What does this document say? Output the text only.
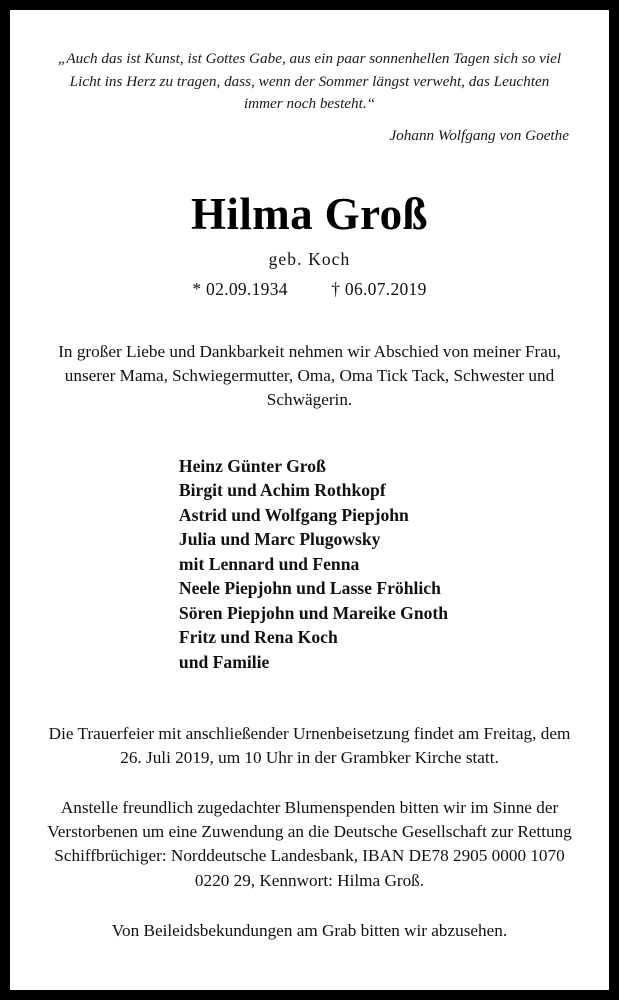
„Auch das ist Kunst, ist Gottes Gabe, aus ein paar sonnenhellen Tagen sich so viel Licht ins Herz zu tragen, dass, wenn der Sommer längst verweht, das Leuchten immer noch besteht.“
Johann Wolfgang von Goethe
Hilma Groß
geb. Koch
* 02.09.1934 † 06.07.2019
In großer Liebe und Dankbarkeit nehmen wir Abschied von meiner Frau, unserer Mama, Schwiegermutter, Oma, Oma Tick Tack, Schwester und Schwägerin.
Heinz Günter Groß
Birgit und Achim Rothkopf
Astrid und Wolfgang Piepjohn
Julia und Marc Plugowsky
mit Lennard und Fenna
Neele Piepjohn und Lasse Fröhlich
Sören Piepjohn und Mareike Gnoth
Fritz und Rena Koch
und Familie
Die Trauerfeier mit anschließender Urnenbeisetzung findet am Freitag, dem 26. Juli 2019, um 10 Uhr in der Grambker Kirche statt.
Anstelle freundlich zugedachter Blumenspenden bitten wir im Sinne der Verstorbenen um eine Zuwendung an die Deutsche Gesellschaft zur Rettung Schiffbrüchiger: Norddeutsche Landesbank, IBAN DE78 2905 0000 1070 0220 29, Kennwort: Hilma Groß.
Von Beileidsbekundungen am Grab bitten wir abzusehen.
